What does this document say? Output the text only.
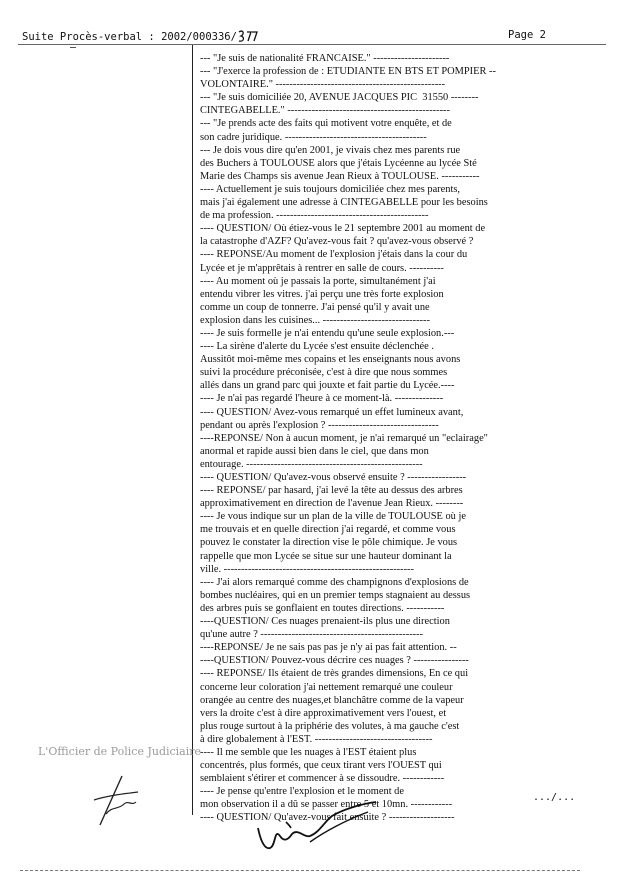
Suite Procès-verbal : 2002/000336/	Page 2
--- "Je suis de nationalité FRANCAISE." ----------------------
--- "J'exerce la profession de : ETUDIANTE EN BTS ET POMPIER --
VOLONTAIRE." -------------------------------------------------
--- "Je suis domiciliée 20, AVENUE JACQUES PIC  31550 --------
CINTEGABELLE." -----------------------------------------------
--- "Je prends acte des faits qui motivent votre enquête, et de
son cadre juridique. -----------------------------------------
--- Je dois vous dire qu'en 2001, je vivais chez mes parents rue
des Buchers à TOULOUSE alors que j'étais Lycéenne au lycée Sté
Marie des Champs sis avenue Jean Rieux à TOULOUSE. -----------
---- Actuellement je suis toujours domiciliée chez mes parents,
mais j'ai également une adresse à CINTEGABELLE pour les besoins
de ma profession. --------------------------------------------
---- QUESTION/ Où étiez-vous le 21 septembre 2001 au moment de
la catastrophe d'AZF? Qu'avez-vous fait ? qu'avez-vous observé ?
---- REPONSE/Au moment de l'explosion j'étais dans la cour du
Lycée et je m'apprêtais à rentrer en salle de cours. ----------
---- Au moment où je passais la porte, simultanément j'ai
entendu vibrer les vitres. j'ai perçu une très forte explosion
comme un coup de tonnerre. J'ai pensé qu'il y avait une
explosion dans les cuisines... -------------------------------
---- Je suis formelle je n'ai entendu qu'une seule explosion.---
---- La sirène d'alerte du Lycée s'est ensuite déclenchée .
Aussitôt moi-même mes copains et les enseignants nous avons
suivi la procédure préconisée, c'est à dire que nous sommes
allés dans un grand parc qui jouxte et fait partie du Lycée.----
---- Je n'ai pas regardé l'heure à ce moment-là. --------------
---- QUESTION/ Avez-vous remarqué un effet lumineux avant,
pendant ou après l'explosion ? --------------------------------
----REPONSE/ Non à aucun moment, je n'ai remarqué un "eclairage"
anormal et rapide aussi bien dans le ciel, que dans mon
entourage. ---------------------------------------------------
---- QUESTION/ Qu'avez-vous observé ensuite ? -----------------
---- REPONSE/ par hasard, j'ai levé la tête au dessus des arbres
approximativement en direction de l'avenue Jean Rieux. --------
---- Je vous indique sur un plan de la ville de TOULOUSE où je
me trouvais et en quelle direction j'ai regardé, et comme vous
pouvez le constater la direction vise le pôle chimique. Je vous
rappelle que mon Lycée se situe sur une hauteur dominant la
ville. -------------------------------------------------------
---- J'ai alors remarqué comme des champignons d'explosions de
bombes nucléaires, qui en un premier temps stagnaient au dessus
des arbres puis se gonflaient en toutes directions. -----------
----QUESTION/ Ces nuages prenaient-ils plus une direction
qu'une autre ? -----------------------------------------------
----REPONSE/ Je ne sais pas pas je n'y ai pas fait attention. --
----QUESTION/ Pouvez-vous décrire ces nuages ? ----------------
---- REPONSE/ Ils étaient de très grandes dimensions, En ce qui
concerne leur coloration j'ai nettement remarqué une couleur
orangée au centre des nuages,et blanchâtre comme de la vapeur
vers la droite c'est à dire approximativement vers l'ouest, et
plus rouge surtout à la priphérie des volutes, à ma gauche c'est
à dire globalement à l'EST. ----------------------------------
---- Il me semble que les nuages à l'EST étaient plus
concentrés, plus formés, que ceux tirant vers l'OUEST qui
semblaient s'étirer et commencer à se dissoudre. ------------
---- Je pense qu'entre l'explosion et le moment de
mon observation il a dû se passer entre 5 et 10mn. ------------
---- QUESTION/ Qu'avez-vous fait ensuite ? -------------------
L'Officier de Police Judiciaire
.../...
